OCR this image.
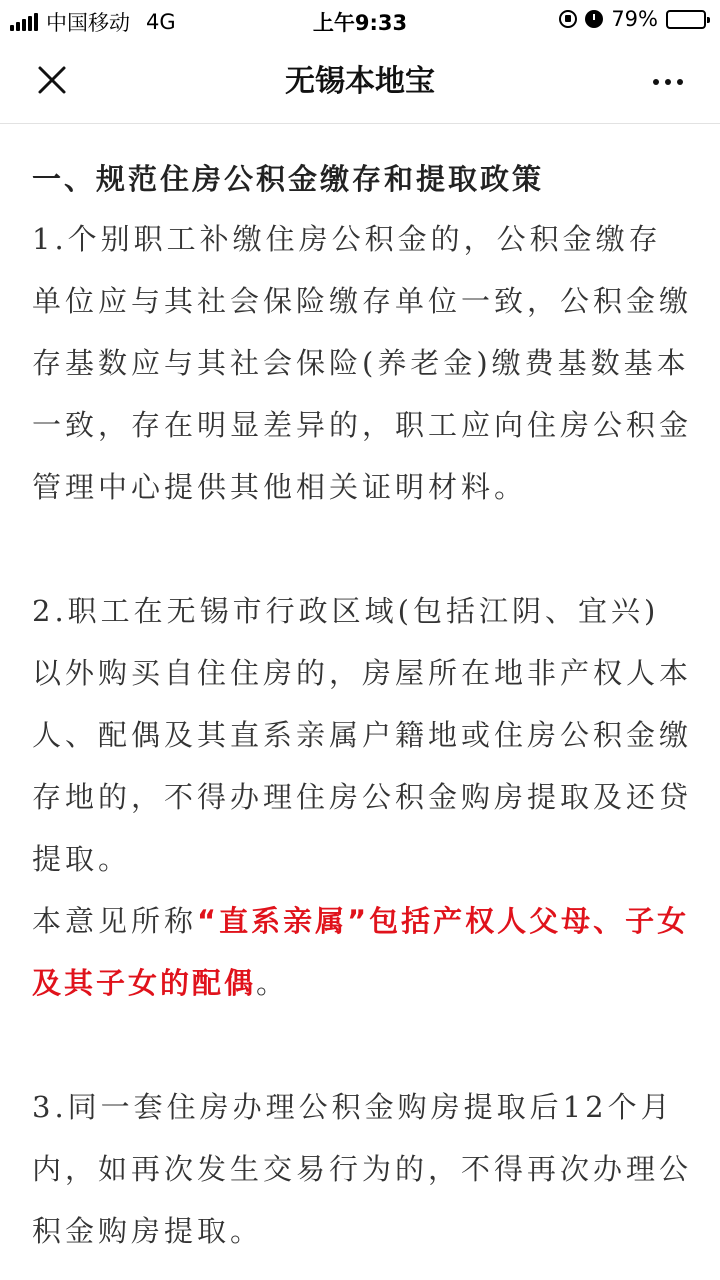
中国移动 4G	上午9:33	79%
无锡本地宝

一、规范住房公积金缴存和提取政策

1.个别职工补缴住房公积金的，公积金缴存单位应与其社会保险缴存单位一致，公积金缴存基数应与其社会保险(养老金)缴费基数基本一致，存在明显差异的，职工应向住房公积金管理中心提供其他相关证明材料。

2.职工在无锡市行政区域(包括江阴、宜兴)以外购买自住住房的，房屋所在地非产权人本人、配偶及其直系亲属户籍地或住房公积金缴存地的，不得办理住房公积金购房提取及还贷提取。

本意见所称“直系亲属”包括产权人父母、子女及其子女的配偶。

3.同一套住房办理公积金购房提取后12个月内，如再次发生交易行为的，不得再次办理公积金购房提取。
